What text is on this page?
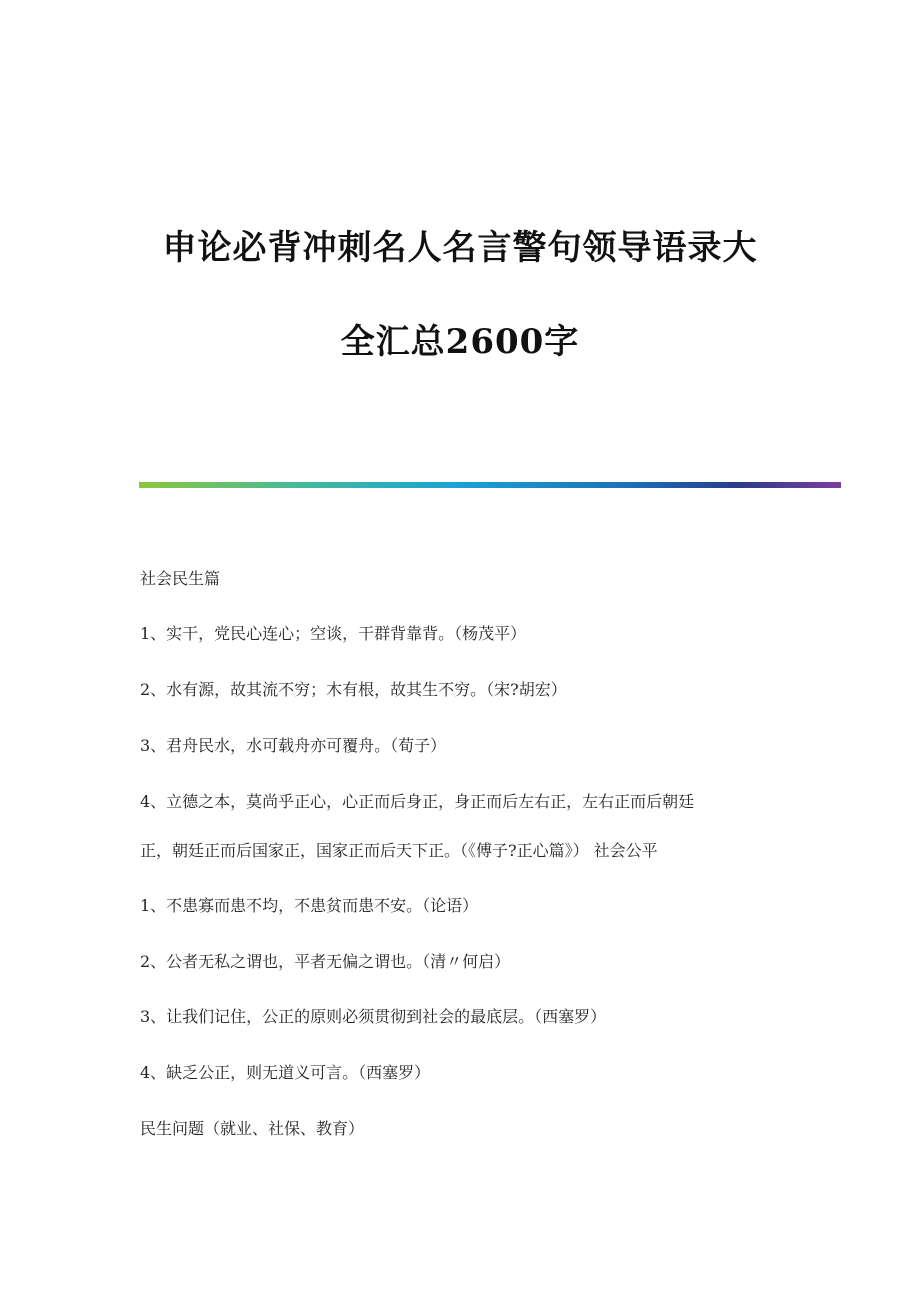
申论必背冲刺名人名言警句领导语录大
全汇总2600字
社会民生篇
1、实干，党民心连心；空谈，干群背靠背。（杨茂平）
2、水有源，故其流不穷；木有根，故其生不穷。（宋?胡宏）
3、君舟民水，水可载舟亦可覆舟。（荀子）
4、立德之本，莫尚乎正心，心正而后身正，身正而后左右正，左右正而后朝廷
正，朝廷正而后国家正，国家正而后天下正。（《傅子?正心篇》） 社会公平
1、不患寡而患不均，不患贫而患不安。（论语）
2、公者无私之谓也，平者无偏之谓也。（清〃何启）
3、让我们记住，公正的原则必须贯彻到社会的最底层。（西塞罗）
4、缺乏公正，则无道义可言。（西塞罗）
民生问题（就业、社保、教育）
